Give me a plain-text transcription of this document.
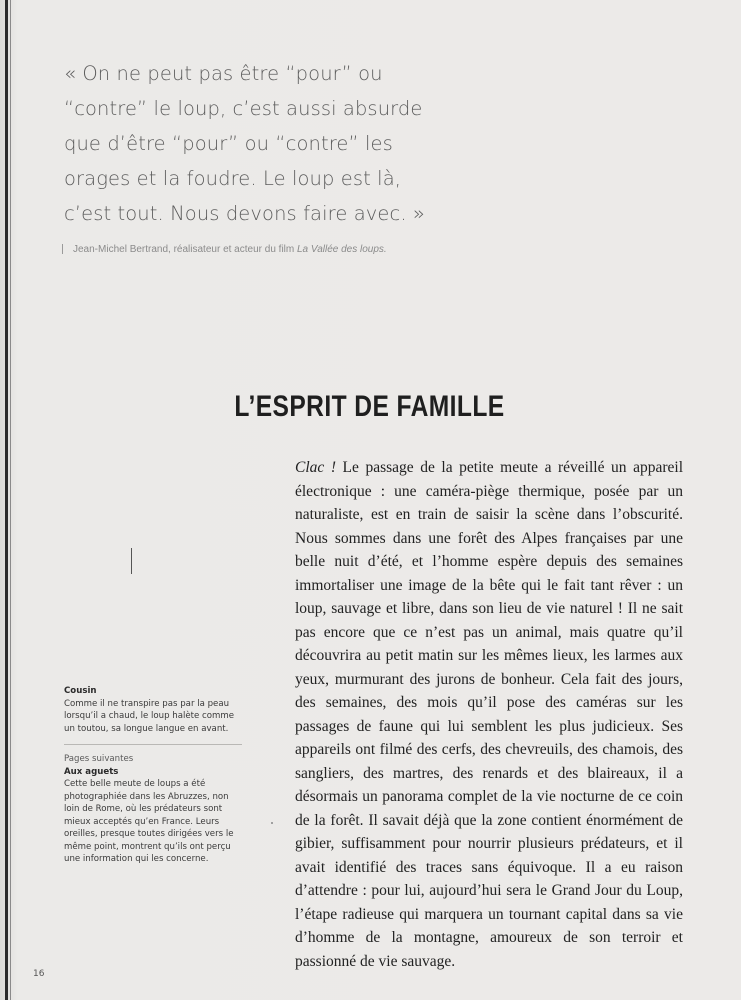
« On ne peut pas être “pour” ou
“contre” le loup, c’est aussi absurde
que d’être “pour” ou “contre” les
orages et la foudre. Le loup est là,
c’est tout. Nous devons faire avec. »

Jean-Michel Bertrand, réalisateur et acteur du film La Vallée des loups.

L’ESPRIT DE FAMILLE

Clac ! Le passage de la petite meute a réveillé un appareil électronique : une caméra-piège thermique, posée par un naturaliste, est en train de saisir la scène dans l’obscurité. Nous sommes dans une forêt des Alpes françaises par une belle nuit d’été, et l’homme espère depuis des semaines immortaliser une image de la bête qui le fait tant rêver : un loup, sauvage et libre, dans son lieu de vie naturel ! Il ne sait pas encore que ce n’est pas un animal, mais quatre qu’il découvrira au petit matin sur les mêmes lieux, les larmes aux yeux, murmurant des jurons de bonheur. Cela fait des jours, des semaines, des mois qu’il pose des caméras sur les passages de faune qui lui semblent les plus judicieux. Ses appareils ont filmé des cerfs, des chevreuils, des chamois, des sangliers, des martres, des renards et des blaireaux, il a désormais un panorama complet de la vie nocturne de ce coin de la forêt. Il savait déjà que la zone contient énormément de gibier, suffisamment pour nourrir plusieurs prédateurs, et il avait identifié des traces sans équivoque. Il a eu raison d’attendre : pour lui, aujourd’hui sera le Grand Jour du Loup, l’étape radieuse qui marquera un tournant capital dans sa vie d’homme de la montagne, amoureux de son terroir et passionné de vie sauvage.

Cousin

Comme il ne transpire pas par la peau lorsqu’il a chaud, le loup halète comme un toutou, sa longue langue en avant.

Pages suivantes

Aux aguets

Cette belle meute de loups a été photographiée dans les Abruzzes, non loin de Rome, où les prédateurs sont mieux acceptés qu’en France. Leurs oreilles, presque toutes dirigées vers le même point, montrent qu’ils ont perçu une information qui les concerne.

16
